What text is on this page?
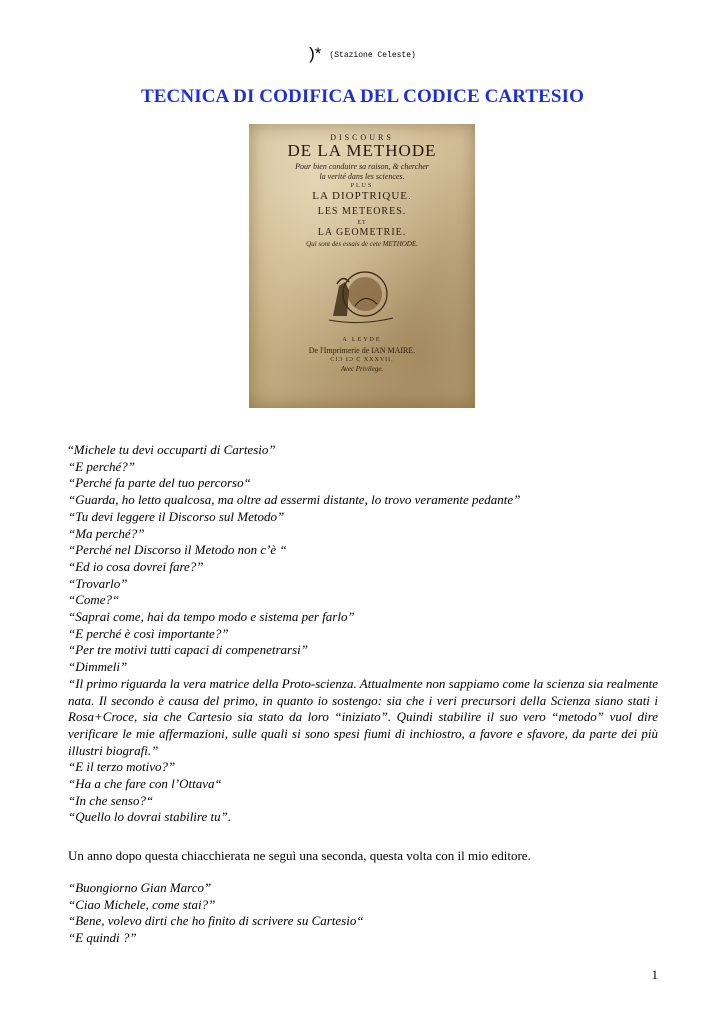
)* (Stazione Celeste)
TECNICA DI CODIFICA DEL CODICE CARTESIO
DISCOURS
DE LA METHODE
Pour bien conduire sa raison, & chercher
la verité dans les sciences.
PLUS
LA DIOPTRIQUE.
LES METEORES.
ET
LA GEOMETRIE.
Qui sont des essais de cete METHODE.
A LEYDE
De l'Imprimerie de IAN MAIRE.
CIƆ IƆ C XXXVII.
Avec Privilege.

“Michele tu devi occuparti di Cartesio”

“E perché?”

“Perché fa parte del tuo percorso“

“Guarda, ho letto qualcosa, ma oltre ad essermi distante, lo trovo veramente pedante”

“Tu devi leggere il Discorso sul Metodo”

“Ma perché?”

“Perché nel Discorso il Metodo non c’è “

“Ed io cosa dovrei fare?”

“Trovarlo”

“Come?“

“Saprai come, hai da tempo modo e sistema per farlo”

“E perché è così importante?”

“Per tre motivi tutti capaci di compenetrarsi”

“Dimmeli”

“Il primo riguarda la vera matrice della Proto-scienza. Attualmente non sappiamo come la scienza sia realmente nata. Il secondo è causa del primo, in quanto io sostengo: sia che i veri precursori della Scienza siano stati i Rosa+Croce, sia che Cartesio sia stato da loro “iniziato”. Quindi stabilire il suo vero “metodo” vuol dire verificare le mie affermazioni, sulle quali si sono spesi fiumi di inchiostro, a favore e sfavore, da parte dei più illustri biografi.”

“E il terzo motivo?”

“Ha a che fare con l’Ottava“

“In che senso?“

“Quello lo dovrai stabilire tu”.

Un anno dopo questa chiacchierata ne seguì una seconda, questa volta con il mio editore.

“Buongiorno Gian Marco”

“Ciao Michele, come stai?”

“Bene, volevo dirti che ho finito di scrivere su Cartesio“

“E quindi ?”

1
